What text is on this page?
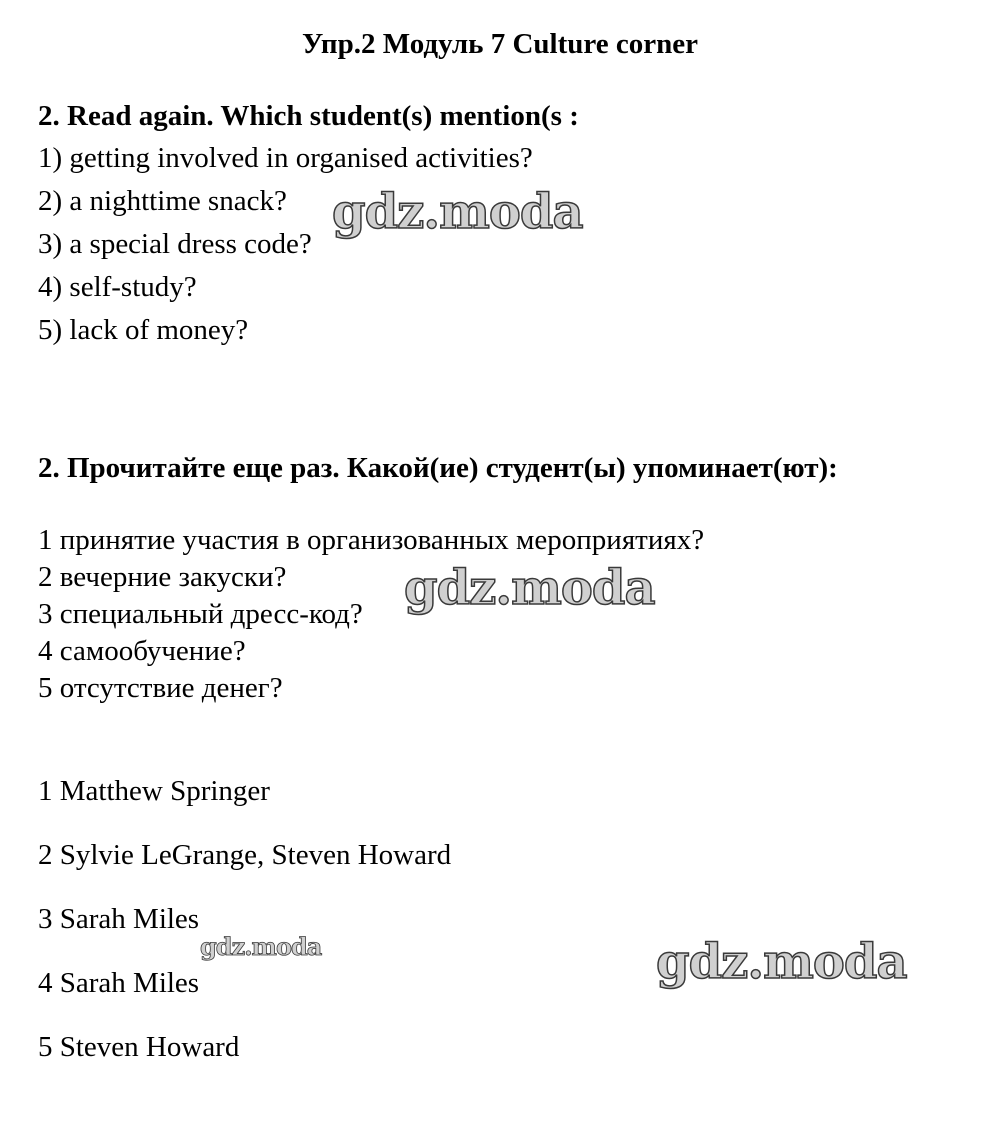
Упр.2 Модуль 7 Culture corner
2. Read again. Which student(s) mention(s :
1) getting involved in organised activities?
2) a nighttime snack?
3) a special dress code?
4) self-study?
5) lack of money?
2. Прочитайте еще раз. Какой(ие) студент(ы) упоминает(ют):
1 принятие участия в организованных мероприятиях?
2 вечерние закуски?
3 специальный дресс-код?
4 самообучение?
5 отсутствие денег?
1 Matthew Springer
2 Sylvie LeGrange, Steven Howard
3 Sarah Miles
4 Sarah Miles
5 Steven Howard
gdz.moda
gdz.moda
gdz.moda	gdz.moda
